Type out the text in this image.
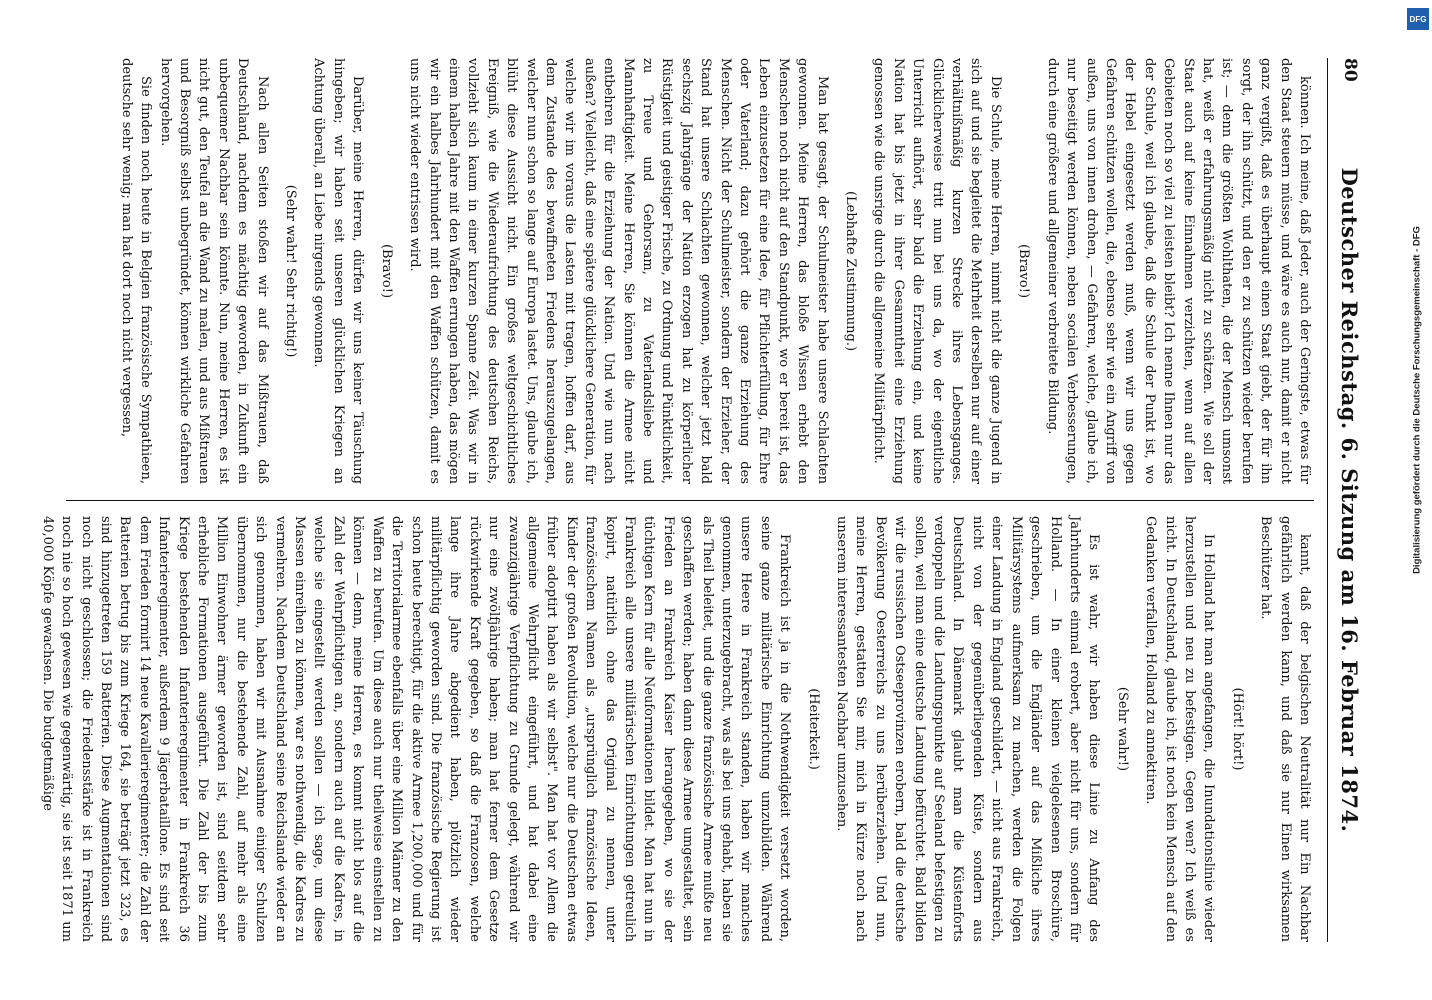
80
Deutscher Reichstag. 6. Sitzung am 16. Februar 1874.

können. Ich meine, daß Jeder, auch der Geringste, etwas für den Staat steuern müsse, und wäre es auch nur, damit er nicht ganz vergißt, daß es überhaupt einen Staat giebt, der für ihn sorgt, der ihn schützt, und den er zu schützen wieder berufen ist; — denn die größten Wohlthaten, die der Mensch umsonst hat, weiß er erfahrungsmäßig nicht zu schätzen. Wie soll der Staat auch auf keine Einnahmen verzichten, wenn auf allen Gebieten noch so viel zu leisten bleibt? Ich nenne Ihnen nur das der Schule, weil ich glaube, daß die Schule der Punkt ist, wo der Hebel eingesetzt werden muß, wenn wir uns gegen Gefahren schützen wollen, die, ebenso sehr wie ein Angriff von außen, uns von innen drohen, — Gefahren, welche, glaube ich, nur beseitigt werden können, neben socialen Verbesserungen, durch eine größere und allgemeiner verbreitete Bildung.

(Bravo!)

Die Schule, meine Herren, nimmt nicht die ganze Jugend in sich auf und sie begleitet die Mehrheit derselben nur auf einer verhältnißmäßig kurzen Strecke ihres Lebensganges. Glücklicherweise tritt nun bei uns da, wo der eigentliche Unterricht aufhört, sehr bald die Erziehung ein, und keine Nation hat bis jetzt in ihrer Gesammtheit eine Erziehung genossen wie die unsrige durch die allgemeine Militärpflicht.

(Lebhafte Zustimmung.)

Man hat gesagt, der Schulmeister habe unsere Schlachten gewonnen. Meine Herren, das bloße Wissen erhebt den Menschen noch nicht auf den Standpunkt, wo er bereit ist, das Leben einzusetzen für eine Idee, für Pflichterfüllung, für Ehre oder Vaterland; dazu gehört die ganze Erziehung des Menschen. Nicht der Schulmeister, sondern der Erzieher, der Stand hat unsere Schlachten gewonnen, welcher jetzt bald sechszig Jahrgänge der Nation erzogen hat zu körperlicher Rüstigkeit und geistiger Frische, zu Ordnung und Pünktlichkeit, zu Treue und Gehorsam, zu Vaterlandsliebe und Mannhaftigkeit. Meine Herren, Sie können die Armee nicht entbehren für die Erziehung der Nation. Und wie nun nach außen? Vielleicht, daß eine spätere glücklichere Generation, für welche wir im voraus die Lasten mit tragen, hoffen darf, aus dem Zustande des bewaffneten Friedens herauszugelangen, welcher nun schon so lange auf Europa lastet. Uns, glaube ich, blüht diese Aussicht nicht. Ein großes weltgeschichtliches Ereigniß, wie die Wiederaufrichtung des deutschen Reichs, vollzieht sich kaum in einer kurzen Spanne Zeit. Was wir in einem halben Jahre mit den Waffen errungen haben, das mögen wir ein halbes Jahrhundert mit den Waffen schützen, damit es uns nicht wieder entrissen wird.

(Bravo!)

Darüber, meine Herren, dürfen wir uns keiner Täuschung hingeben; wir haben seit unseren glücklichen Kriegen an Achtung überall, an Liebe nirgends gewonnen.

(Sehr wahr! Sehr richtig!)

Nach allen Seiten stoßen wir auf das Mißtrauen, daß Deutschland, nachdem es mächtig geworden, in Zukunft ein unbequemer Nachbar sein könnte. Nun, meine Herren, es ist nicht gut, den Teufel an die Wand zu malen, und aus Mißtrauen und Besorgniß selbst unbegründet, können wirkliche Gefahren hervorgehen.

Sie finden noch heute in Belgien französische Sympathieen, deutsche sehr wenig; man hat dort noch nicht vergessen,

kannt, daß der belgischen Neutralität nur Ein Nachbar gefährlich werden kann, und daß sie nur Einen wirksamen Beschützer hat.

(Hört! hört!)

In Holland hat man angefangen, die Inundationslinie wieder herzustellen und neu zu befestigen. Gegen wen? Ich weiß es nicht. In Deutschland, glaube ich, ist noch kein Mensch auf den Gedanken verfallen, Holland zu annektiren.

(Sehr wahr!)

Es ist wahr, wir haben diese Linie zu Anfang des Jahrhunderts einmal erobert, aber nicht für uns, sondern für Holland. — In einer kleinen vielgelesenen Broschüre, geschrieben, um die Engländer auf das Mißliche ihres Militärsystems aufmerksam zu machen, werden die Folgen einer Landung in England geschildert, — nicht aus Frankreich, nicht von der gegenüberliegenden Küste, sondern aus Deutschland. In Dänemark glaubt man die Küstenforts verdoppeln und die Landungspunkte auf Seeland befestigen zu sollen, weil man eine deutsche Landung befürchtet. Bald bilden wir die russischen Ostseeprovinzen erobern, bald die deutsche Bevölkerung Oesterreichs zu uns herüberziehen. Und nun, meine Herren, gestatten Sie mir, mich in Kürze noch nach unserem interessantesten Nachbar umzusehen.

(Heiterkeit.)

Frankreich ist ja in die Nothwendigkeit versetzt worden, seine ganze militärische Einrichtung umzubilden. Während unsere Heere in Frankreich standen, haben wir manches genommen, unterzugebracht, was als bei uns gehabt, haben sie als Theil beleitet, und die ganze französische Armee mußte neu geschaffen werden; haben dann diese Armee umgestaltet, sein Frieden an Frankreich Kaiser herangegeben, wo sie der tüchtigen Kern für alle Neuformationen bildet. Man hat nun in Frankreich alle unsere militärischen Einrichtungen getreulich kopirt, natürlich ohne das Original zu nennen, unter französischem Namen als „ursprünglich französische Ideen, Kinder der großen Revolution, welche nur die Deutschen etwas früher adoptirt haben als wir selbst". Man hat vor Allem die allgemeine Wehrpflicht eingeführt, und hat dabei eine zwanzigjährige Verpflichtung zu Grunde gelegt, während wir nur eine zwölfjährige haben; man hat ferner dem Gesetze rückwirkende Kraft gegeben, so daß die Franzosen, welche lange ihre Jahre abgedient haben, plötzlich wieder militärpflichtig geworden sind. Die französische Regierung ist schon heute berechtigt, für die aktive Armee 1,200,000 und für die Territorialarmee ebenfalls über eine Million Männer zu den Waffen zu berufen. Um diese auch nur theilweise einstellen zu können — denn, meine Herren, es kommt nicht blos auf die Zahl der Wehrpflichtigen an, sondern auch auf die Kadres, in welche sie eingestellt werden sollen — ich sage, um diese Massen einreihen zu können, war es nothwendig, die Kadres zu vermehren. Nachdem Deutschland seine Reichslande wieder an sich genommen, haben wir mit Ausnahme einiger Schulzen übernommen, nur die bestehende Zahl, auf mehr als eine Million Einwohner ärmer geworden ist, sind seitdem sehr erhebliche Formationen ausgeführt. Die Zahl der bis zum Kriege bestehenden Infanterieregimenter in Frankreich 36 Infanterieregimenter, außerdem 9 Jägerbataillone. Es sind seit dem Frieden formirt 14 neue Kavallerieregimenter; die Zahl der Batterien betrug bis zum Kriege 164, sie beträgt jetzt 323, es sind hinzugetreten 159 Batterien. Diese Augmentationen sind noch nicht geschlossen; die Friedensstärke ist in Frankreich noch nie so hoch gewesen wie gegenwärtig, sie ist seit 1871 um 40,000 Köpfe gewachsen. Die budgetmäßige

Digitalisierung gefördert durch die Deutsche Forschungsgemeinschaft - DFG
DFG
